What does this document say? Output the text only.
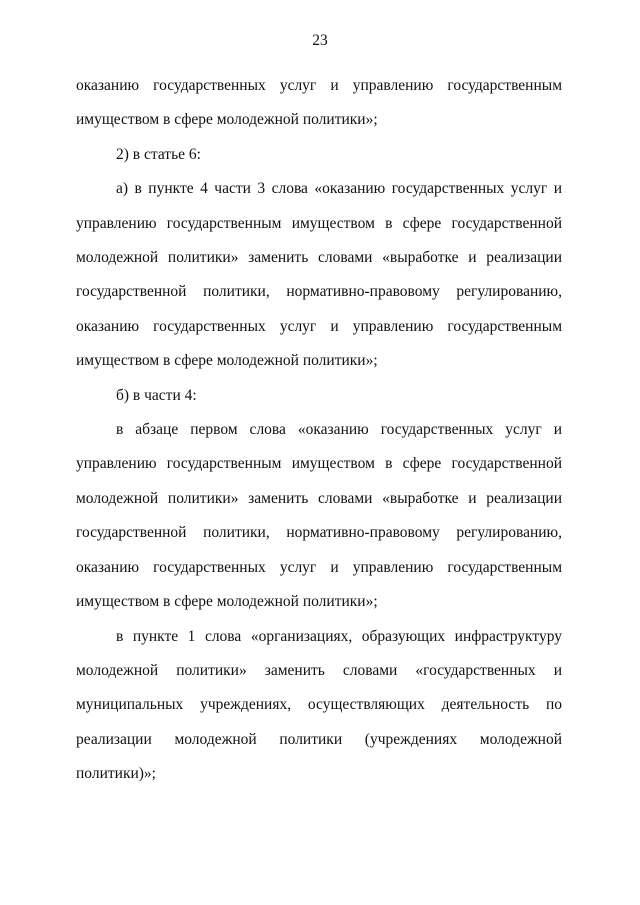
23

оказанию государственных услуг и управлению государственным имуществом в сфере молодежной политики»;

2) в статье 6:

а) в пункте 4 части 3 слова «оказанию государственных услуг и управлению государственным имуществом в сфере государственной молодежной политики» заменить словами «выработке и реализации государственной политики, нормативно-правовому регулированию, оказанию государственных услуг и управлению государственным имуществом в сфере молодежной политики»;

б) в части 4:

в абзаце первом слова «оказанию государственных услуг и управлению государственным имуществом в сфере государственной молодежной политики» заменить словами «выработке и реализации государственной политики, нормативно-правовому регулированию, оказанию государственных услуг и управлению государственным имуществом в сфере молодежной политики»;

в пункте 1 слова «организациях, образующих инфраструктуру молодежной политики» заменить словами «государственных и муниципальных учреждениях, осуществляющих деятельность по реализации молодежной политики (учреждениях молодежной политики)»;
